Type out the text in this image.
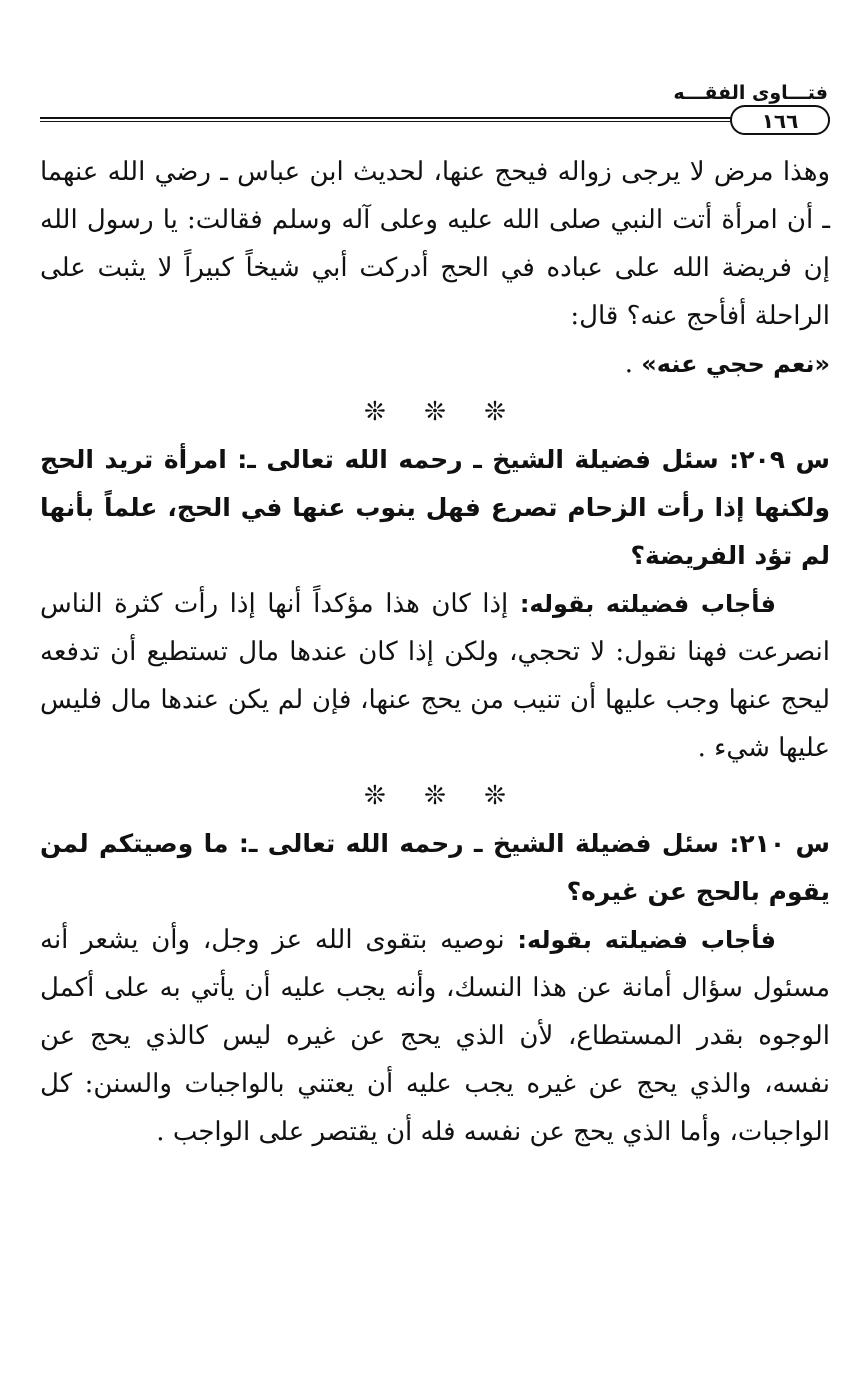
فتـــاوى الفقـــه
١٦٦

وهذا مرض لا يرجى زواله فيحج عنها، لحديث ابن عباس ـ رضي الله عنهما ـ أن امرأة أتت النبي صلى الله عليه وعلى آله وسلم فقالت: يا رسول الله إن فريضة الله على عباده في الحج أدركت أبي شيخاً كبيراً لا يثبت على الراحلة أفأحج عنه؟ قال:
«نعم حجي عنه» .

❊ ❊ ❊

س ٢٠٩: سئل فضيلة الشيخ ـ رحمه الله تعالى ـ: امرأة تريد الحج ولكنها إذا رأت الزحام تصرع فهل ينوب عنها في الحج، علماً بأنها لم تؤد الفريضة؟

فأجاب فضيلته بقوله: إذا كان هذا مؤكداً أنها إذا رأت كثرة الناس انصرعت فهنا نقول: لا تحجي، ولكن إذا كان عندها مال تستطيع أن تدفعه ليحج عنها وجب عليها أن تنيب من يحج عنها، فإن لم يكن عندها مال فليس عليها شيء .

❊ ❊ ❊

س ٢١٠: سئل فضيلة الشيخ ـ رحمه الله تعالى ـ: ما وصيتكم لمن يقوم بالحج عن غيره؟

فأجاب فضيلته بقوله: نوصيه بتقوى الله عز وجل، وأن يشعر أنه مسئول سؤال أمانة عن هذا النسك، وأنه يجب عليه أن يأتي به على أكمل الوجوه بقدر المستطاع، لأن الذي يحج عن غيره ليس كالذي يحج عن نفسه، والذي يحج عن غيره يجب عليه أن يعتني بالواجبات والسنن: كل الواجبات، وأما الذي يحج عن نفسه فله أن يقتصر على الواجب .
